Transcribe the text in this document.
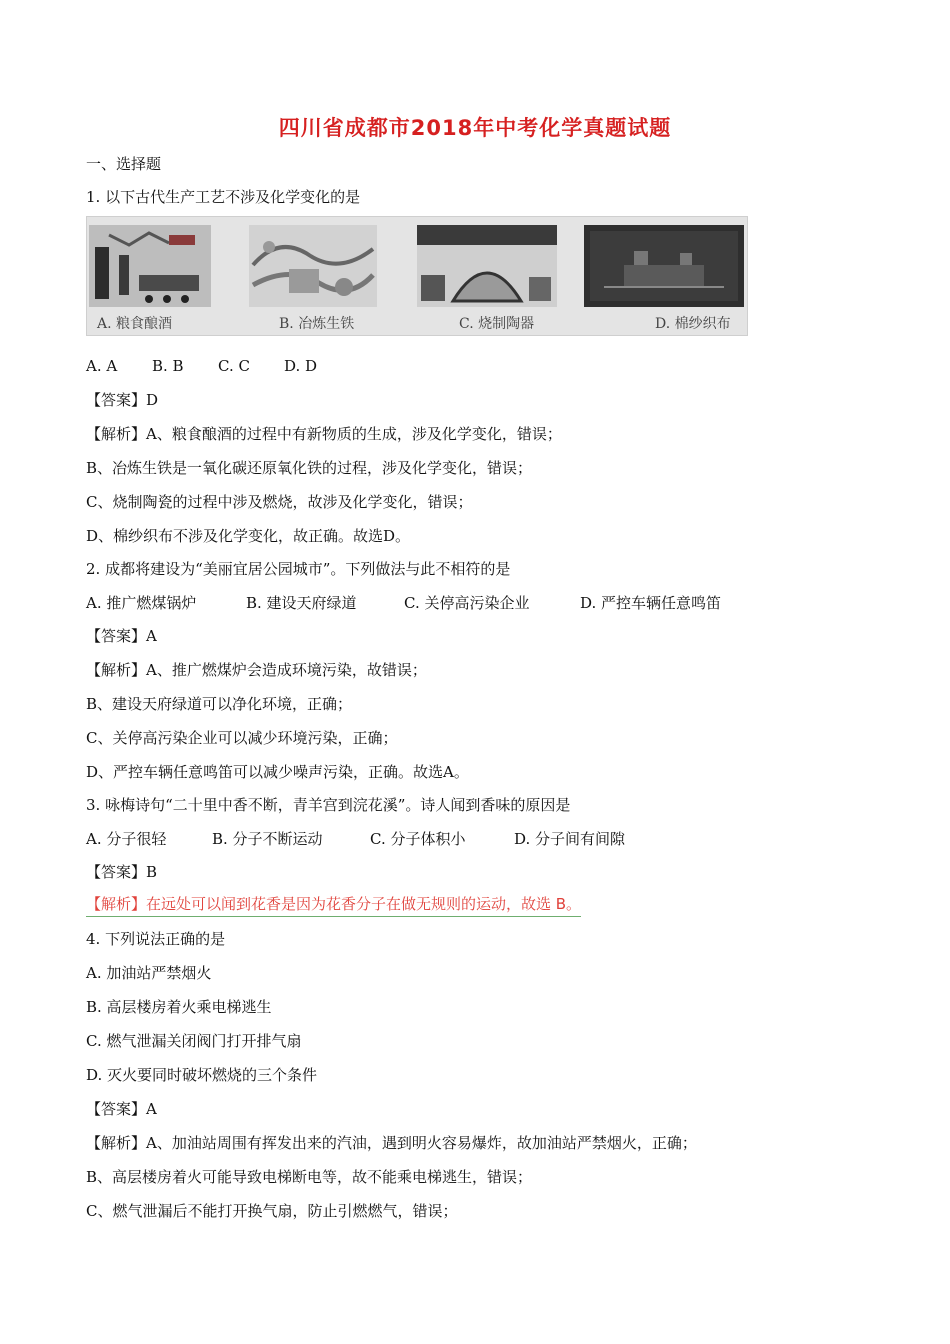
四川省成都市2018年中考化学真题试题
一、选择题
1. 以下古代生产工艺不涉及化学变化的是
A. 粮食酿酒	B. 冶炼生铁	C. 烧制陶器	D. 棉纱织布
A. A B. B C. C D. D
【答案】D
【解析】A、粮食酿酒的过程中有新物质的生成，涉及化学变化，错误；
B、冶炼生铁是一氧化碳还原氧化铁的过程，涉及化学变化，错误；
C、烧制陶瓷的过程中涉及燃烧，故涉及化学变化，错误；
D、棉纱织布不涉及化学变化，故正确。故选D。
2. 成都将建设为“美丽宜居公园城市”。下列做法与此不相符的是
A. 推广燃煤锅炉	B. 建设天府绿道	C. 关停高污染企业	D. 严控车辆任意鸣笛
【答案】A
【解析】A、推广燃煤炉会造成环境污染，故错误；
B、建设天府绿道可以净化环境，正确；
C、关停高污染企业可以减少环境污染，正确；
D、严控车辆任意鸣笛可以减少噪声污染，正确。故选A。
3. 咏梅诗句“二十里中香不断，青羊宫到浣花溪”。诗人闻到香味的原因是
A. 分子很轻	B. 分子不断运动	C. 分子体积小	D. 分子间有间隙
【答案】B
【解析】在远处可以闻到花香是因为花香分子在做无规则的运动，故选 B。
4. 下列说法正确的是
A. 加油站严禁烟火
B. 高层楼房着火乘电梯逃生
C. 燃气泄漏关闭阀门打开排气扇
D. 灭火要同时破坏燃烧的三个条件
【答案】A
【解析】A、加油站周围有挥发出来的汽油，遇到明火容易爆炸，故加油站严禁烟火，正确；
B、高层楼房着火可能导致电梯断电等，故不能乘电梯逃生，错误；
C、燃气泄漏后不能打开换气扇，防止引燃燃气，错误；
